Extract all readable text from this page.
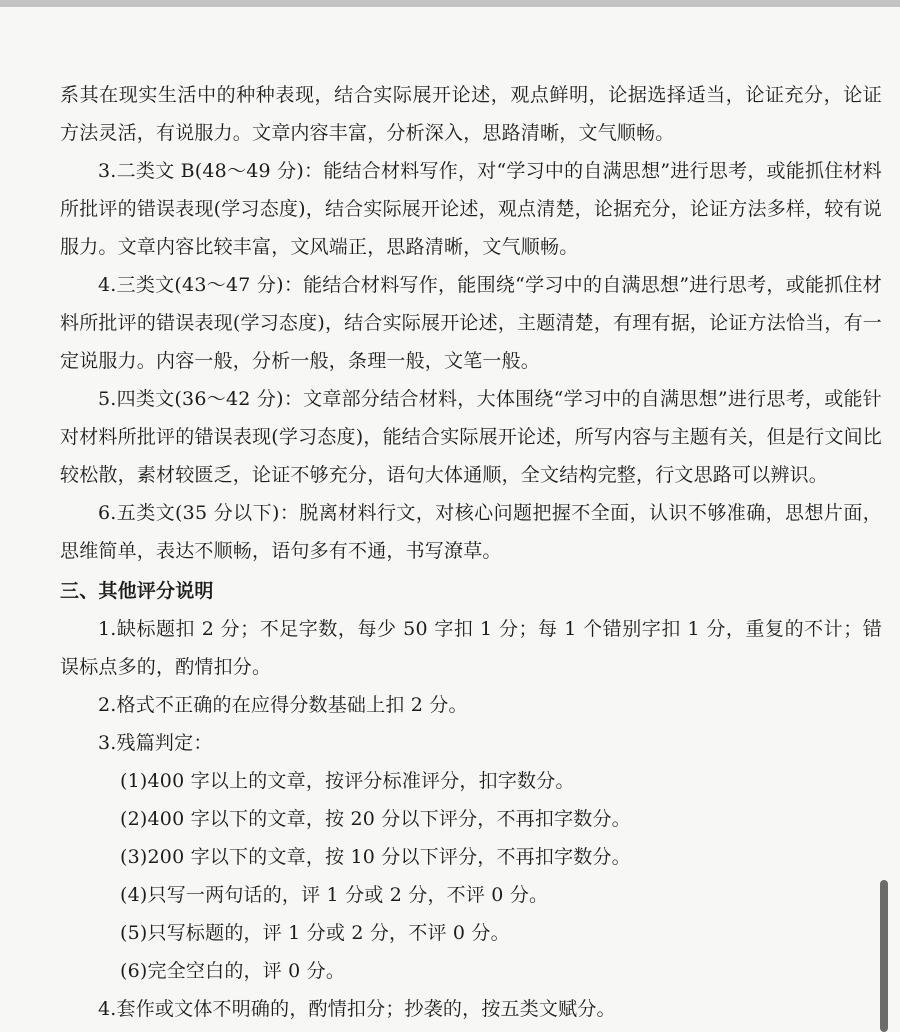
系其在现实生活中的种种表现，结合实际展开论述，观点鲜明，论据选择适当，论证充分，论证方法灵活，有说服力。文章内容丰富，分析深入，思路清晰，文气顺畅。

3.二类文 B(48～49 分)：能结合材料写作，对“学习中的自满思想”进行思考，或能抓住材料所批评的错误表现(学习态度)，结合实际展开论述，观点清楚，论据充分，论证方法多样，较有说服力。文章内容比较丰富，文风端正，思路清晰，文气顺畅。

4.三类文(43～47 分)：能结合材料写作，能围绕“学习中的自满思想”进行思考，或能抓住材料所批评的错误表现(学习态度)，结合实际展开论述，主题清楚，有理有据，论证方法恰当，有一定说服力。内容一般，分析一般，条理一般，文笔一般。

5.四类文(36～42 分)：文章部分结合材料，大体围绕“学习中的自满思想”进行思考，或能针对材料所批评的错误表现(学习态度)，能结合实际展开论述，所写内容与主题有关，但是行文间比较松散，素材较匮乏，论证不够充分，语句大体通顺，全文结构完整，行文思路可以辨识。

6.五类文(35 分以下)：脱离材料行文，对核心问题把握不全面，认识不够准确，思想片面，思维简单，表达不顺畅，语句多有不通，书写潦草。

三、其他评分说明

1.缺标题扣 2 分；不足字数，每少 50 字扣 1 分；每 1 个错别字扣 1 分，重复的不计；错误标点多的，酌情扣分。

2.格式不正确的在应得分数基础上扣 2 分。

3.残篇判定：

(1)400 字以上的文章，按评分标准评分，扣字数分。

(2)400 字以下的文章，按 20 分以下评分，不再扣字数分。

(3)200 字以下的文章，按 10 分以下评分，不再扣字数分。

(4)只写一两句话的，评 1 分或 2 分，不评 0 分。

(5)只写标题的，评 1 分或 2 分，不评 0 分。

(6)完全空白的，评 0 分。

4.套作或文体不明确的，酌情扣分；抄袭的，按五类文赋分。
